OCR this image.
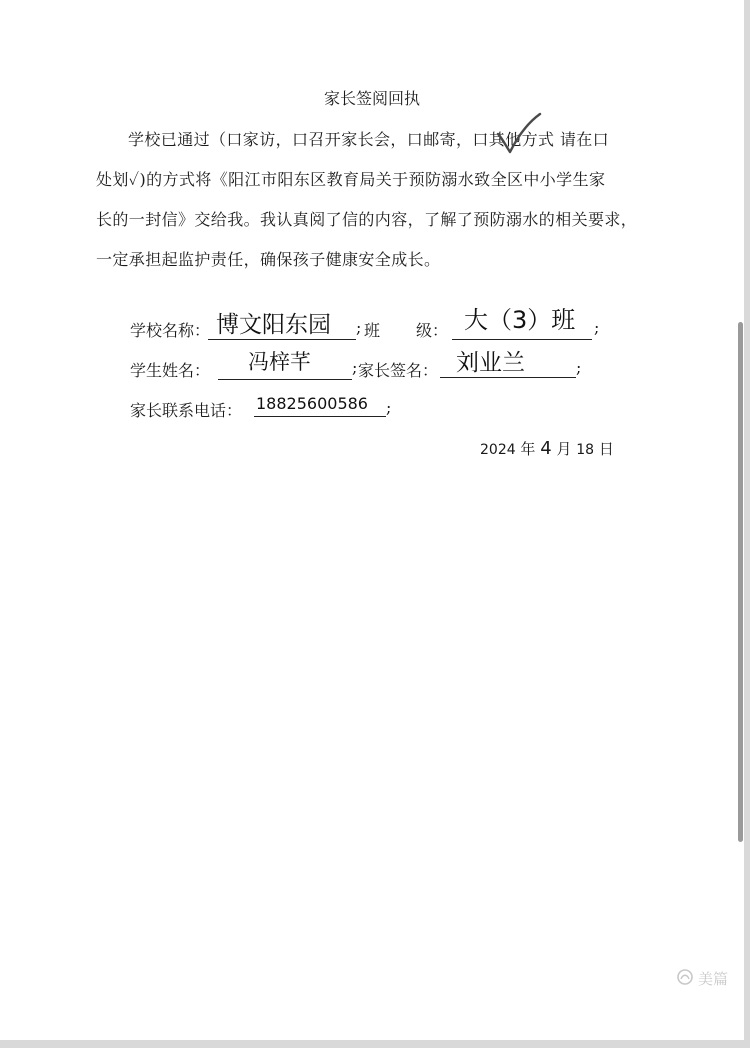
家长签阅回执
学校已通过（口家访，口召开家长会，口邮寄，口其他方式 请在口
处划✓)的方式将《阳江市阳东区教育局关于预防溺水致全区中小学生家
长的一封信》交给我。我认真阅了信的内容，了解了预防溺水的相关要求，
一定承担起监护责任，确保孩子健康安全成长。
学校名称： 博文阳东园 ; 班 级： 大（3）班 ;
学生姓名： 冯梓芊	; 家长签名： 刘业兰	;
家长联系电话： 18825600586 ;
2024 年 4 月 18 日
美篇
